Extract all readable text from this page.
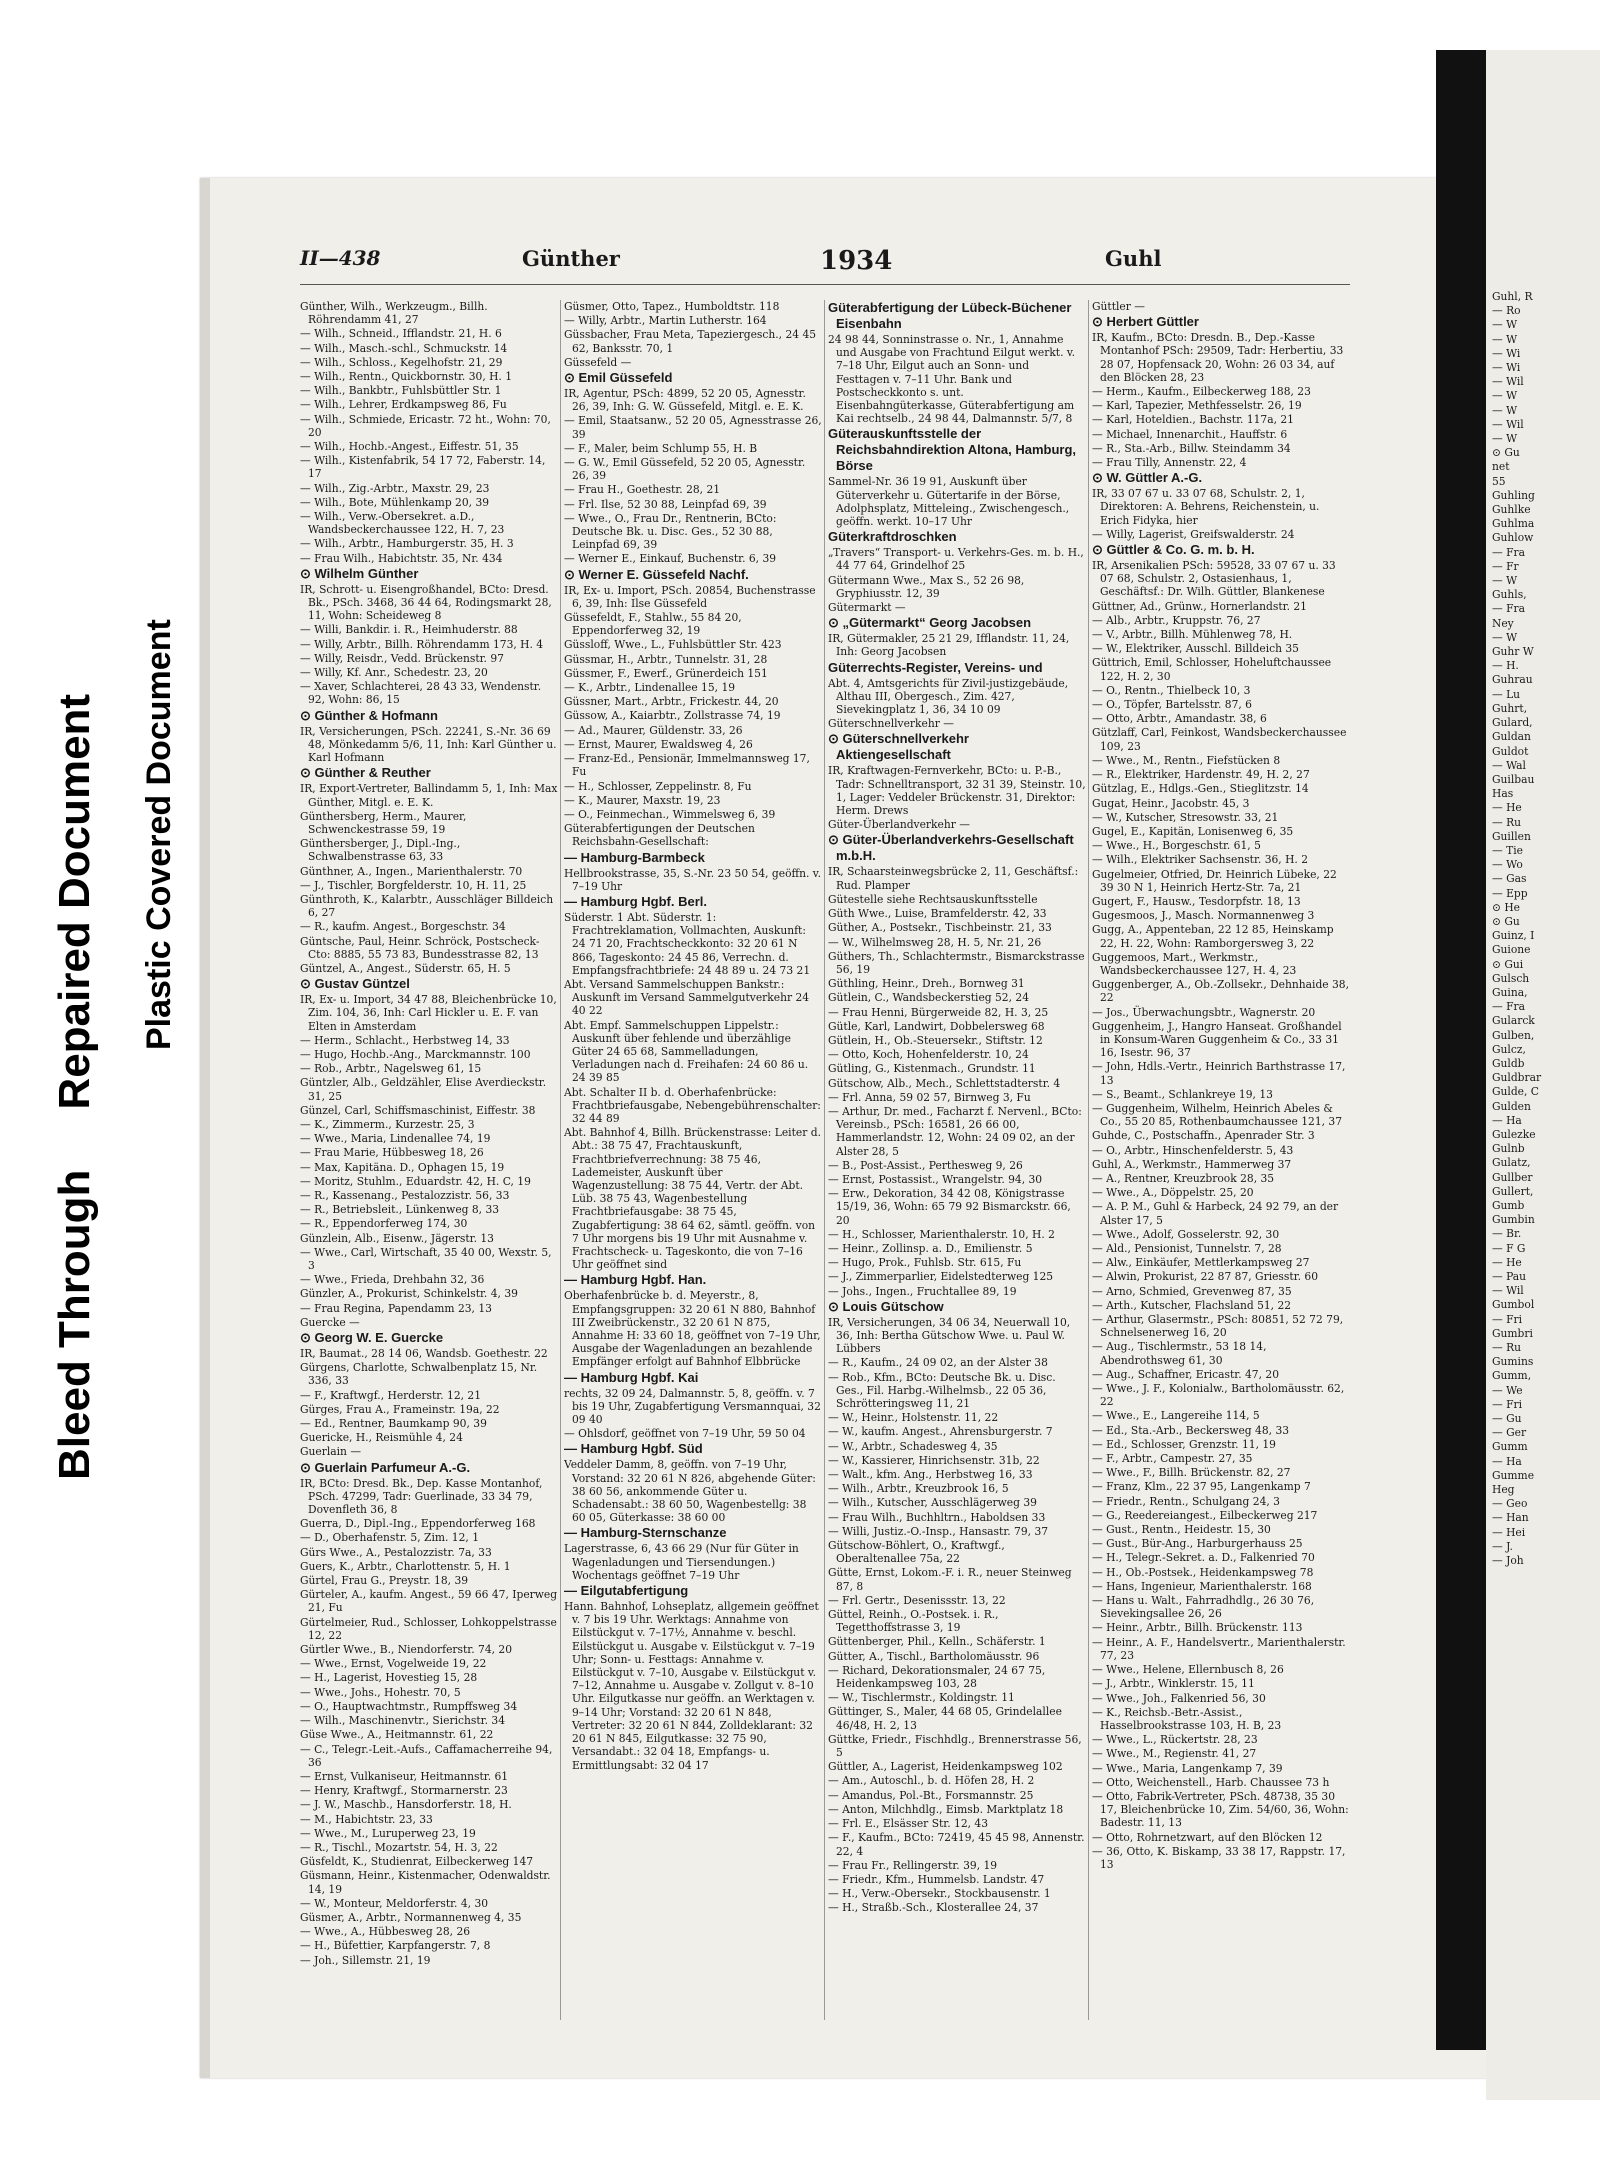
Bleed ThroughRepaired Document Plastic Covered Document
II—438	Günther	1934	Guhl
Günther, Wilh., Werkzeugm., Billh. Röhrendamm 41, 27
— Wilh., Schneid., Ifflandstr. 21, H. 6
— Wilh., Masch.-schl., Schmuckstr. 14
— Wilh., Schloss., Kegelhofstr. 21, 29
— Wilh., Rentn., Quickbornstr. 30, H. 1
— Wilh., Bankbtr., Fuhlsbüttler Str. 1
— Wilh., Lehrer, Erdkampsweg 86, Fu
— Wilh., Schmiede, Ericastr. 72 ht., Wohn: 70, 20
— Wilh., Hochb.-Angest., Eiffestr. 51, 35
— Wilh., Kistenfabrik, 54 17 72, Faberstr. 14, 17
— Wilh., Zig.-Arbtr., Maxstr. 29, 23
— Wilh., Bote, Mühlenkamp 20, 39
— Wilh., Verw.-Obersekret. a.D., Wandsbeckerchaussee 122, H. 7, 23
— Wilh., Arbtr., Hamburgerstr. 35, H. 3
— Frau Wilh., Habichtstr. 35, Nr. 434
⊙ Wilhelm Günther
IR, Schrott- u. Eisengroßhandel, BCto: Dresd. Bk., PSch. 3468, 36 44 64, Rodingsmarkt 28, 11, Wohn: Scheideweg 8
— Willi, Bankdir. i. R., Heimhuderstr. 88
— Willy, Arbtr., Billh. Röhrendamm 173, H. 4
— Willy, Reisdr., Vedd. Brückenstr. 97
— Willy, Kf. Anr., Schedestr. 23, 20
— Xaver, Schlachterei, 28 43 33, Wendenstr. 92, Wohn: 86, 15
⊙ Günther & Hofmann
IR, Versicherungen, PSch. 22241, S.-Nr. 36 69 48, Mönkedamm 5/6, 11, Inh: Karl Günther u. Karl Hofmann
⊙ Günther & Reuther
IR, Export-Vertreter, Ballindamm 5, 1, Inh: Max Günther, Mitgl. e. E. K.
Günthersberg, Herm., Maurer, Schwenckestrasse 59, 19
Günthersberger, J., Dipl.-Ing., Schwalbenstrasse 63, 33
Günthner, A., Ingen., Marienthalerstr. 70
— J., Tischler, Borgfelderstr. 10, H. 11, 25
Günthroth, K., Kalarbtr., Ausschläger Billdeich 6, 27
— R., kaufm. Angest., Borgeschstr. 34
Güntsche, Paul, Heinr. Schröck, Postscheck-Cto: 8885, 55 73 83, Bundesstrasse 82, 13
Güntzel, A., Angest., Süderstr. 65, H. 5
⊙ Gustav Güntzel
IR, Ex- u. Import, 34 47 88, Bleichenbrücke 10, Zim. 104, 36, Inh: Carl Hickler u. E. F. van Elten in Amsterdam
— Herm., Schlacht., Herbstweg 14, 33
— Hugo, Hochb.-Ang., Marckmannstr. 100
— Rob., Arbtr., Nagelsweg 61, 15
Güntzler, Alb., Geldzähler, Elise Averdieckstr. 31, 25
Günzel, Carl, Schiffsmaschinist, Eiffestr. 38
— K., Zimmerm., Kurzestr. 25, 3
— Wwe., Maria, Lindenallee 74, 19
— Frau Marie, Hübbesweg 18, 26
— Max, Kapitäna. D., Ophagen 15, 19
— Moritz, Stuhlm., Eduardstr. 42, H. C, 19
— R., Kassenang., Pestalozzistr. 56, 33
— R., Betriebsleit., Lünkenweg 8, 33
— R., Eppendorferweg 174, 30
Günzlein, Alb., Eisenw., Jägerstr. 13
— Wwe., Carl, Wirtschaft, 35 40 00, Wexstr. 5, 3
— Wwe., Frieda, Drehbahn 32, 36
Günzler, A., Prokurist, Schinkelstr. 4, 39
— Frau Regina, Papendamm 23, 13
Guercke —
⊙ Georg W. E. Guercke
IR, Baumat., 28 14 06, Wandsb. Goethestr. 22
Gürgens, Charlotte, Schwalbenplatz 15, Nr. 336, 33
— F., Kraftwgf., Herderstr. 12, 21
Gürges, Frau A., Frameinstr. 19a, 22
— Ed., Rentner, Baumkamp 90, 39
Guericke, H., Reismühle 4, 24
Guerlain —
⊙ Guerlain Parfumeur A.-G.
IR, BCto: Dresd. Bk., Dep. Kasse Montanhof, PSch. 47299, Tadr: Guerlinade, 33 34 79, Dovenfleth 36, 8
Guerra, D., Dipl.-Ing., Eppendorferweg 168
— D., Oberhafenstr. 5, Zim. 12, 1
Gürs Wwe., A., Pestalozzistr. 7a, 33
Guers, K., Arbtr., Charlottenstr. 5, H. 1
Gürtel, Frau G., Preystr. 18, 39
Gürteler, A., kaufm. Angest., 59 66 47, Iperweg 21, Fu
Gürtelmeier, Rud., Schlosser, Lohkoppelstrasse 12, 22
Gürtler Wwe., B., Niendorferstr. 74, 20
— Wwe., Ernst, Vogelweide 19, 22
— H., Lagerist, Hovestieg 15, 28
— Wwe., Johs., Hohestr. 70, 5
— O., Hauptwachtmstr., Rumpffsweg 34
— Wilh., Maschinenvtr., Sierichstr. 34
Güse Wwe., A., Heitmannstr. 61, 22
— C., Telegr.-Leit.-Aufs., Caffamacherreihe 94, 36
— Ernst, Vulkaniseur, Heitmannstr. 61
— Henry, Kraftwgf., Stormarnerstr. 23
— J. W., Maschb., Hansdorferstr. 18, H.
— M., Habichtstr. 23, 33
— Wwe., M., Luruperweg 23, 19
— R., Tischl., Mozartstr. 54, H. 3, 22
Güsfeldt, K., Studienrat, Eilbeckerweg 147
Güsmann, Heinr., Kistenmacher, Odenwaldstr. 14, 19
— W., Monteur, Meldorferstr. 4, 30
Güsmer, A., Arbtr., Normannenweg 4, 35
— Wwe., A., Hübbesweg 28, 26
— H., Büfettier, Karpfangerstr. 7, 8
— Joh., Sillemstr. 21, 19
Güsmer, Otto, Tapez., Humboldtstr. 118
— Willy, Arbtr., Martin Lutherstr. 164
Güssbacher, Frau Meta, Tapeziergesch., 24 45 62, Banksstr. 70, 1
Güssefeld —
⊙ Emil Güssefeld
IR, Agentur, PSch: 4899, 52 20 05, Agnesstr. 26, 39, Inh: G. W. Güssefeld, Mitgl. e. E. K.
— Emil, Staatsanw., 52 20 05, Agnesstrasse 26, 39
— F., Maler, beim Schlump 55, H. B
— G. W., Emil Güssefeld, 52 20 05, Agnesstr. 26, 39
— Frau H., Goethestr. 28, 21
— Frl. Ilse, 52 30 88, Leinpfad 69, 39
— Wwe., O., Frau Dr., Rentnerin, BCto: Deutsche Bk. u. Disc. Ges., 52 30 88, Leinpfad 69, 39
— Werner E., Einkauf, Buchenstr. 6, 39
⊙ Werner E. Güssefeld Nachf.
IR, Ex- u. Import, PSch. 20854, Buchenstrasse 6, 39, Inh: Ilse Güssefeld
Güssefeldt, F., Stahlw., 55 84 20, Eppendorferweg 32, 19
Güssloff, Wwe., L., Fuhlsbüttler Str. 423
Güssmar, H., Arbtr., Tunnelstr. 31, 28
Güssmer, F., Ewerf., Grünerdeich 151
— K., Arbtr., Lindenallee 15, 19
Güssner, Mart., Arbtr., Frickestr. 44, 20
Güssow, A., Kaiarbtr., Zollstrasse 74, 19
— Ad., Maurer, Güldenstr. 33, 26
— Ernst, Maurer, Ewaldsweg 4, 26
— Franz-Ed., Pensionär, Immelmannsweg 17, Fu
— H., Schlosser, Zeppelinstr. 8, Fu
— K., Maurer, Maxstr. 19, 23
— O., Feinmechan., Wimmelsweg 6, 39
Güterabfertigungen der Deutschen Reichsbahn-Gesellschaft:
— Hamburg-Barmbeck
Hellbrookstrasse, 35, S.-Nr. 23 50 54, geöffn. v. 7–19 Uhr
— Hamburg Hgbf. Berl.
Süderstr. 1 Abt. Süderstr. 1: Frachtreklamation, Vollmachten, Auskunft: 24 71 20, Frachtscheckkonto: 32 20 61 N 866, Tageskonto: 24 45 86, Verrechn. d. Empfangsfrachtbriefe: 24 48 89 u. 24 73 21
Abt. Versand Sammelschuppen Bankstr.: Auskunft im Versand Sammelgutverkehr 24 40 22
Abt. Empf. Sammelschuppen Lippelstr.: Auskunft über fehlende und überzählige Güter 24 65 68, Sammelladungen, Verladungen nach d. Freihafen: 24 60 86 u. 24 39 85
Abt. Schalter II b. d. Oberhafenbrücke: Frachtbriefausgabe, Nebengebührenschalter: 32 44 89
Abt. Bahnhof 4, Billh. Brückenstrasse: Leiter d. Abt.: 38 75 47, Frachtauskunft, Frachtbriefverrechnung: 38 75 46, Lademeister, Auskunft über Wagenzustellung: 38 75 44, Vertr. der Abt. Lüb. 38 75 43, Wagenbestellung Frachtbriefausgabe: 38 75 45, Zugabfertigung: 38 64 62, sämtl. geöffn. von 7 Uhr morgens bis 19 Uhr mit Ausnahme v. Frachtscheck- u. Tageskonto, die von 7–16 Uhr geöffnet sind
— Hamburg Hgbf. Han.
Oberhafenbrücke b. d. Meyerstr., 8, Empfangsgruppen: 32 20 61 N 880, Bahnhof III Zweibrückenstr., 32 20 61 N 875, Annahme H: 33 60 18, geöffnet von 7–19 Uhr, Ausgabe der Wagenladungen an bezahlende Empfänger erfolgt auf Bahnhof Elbbrücke
— Hamburg Hgbf. Kai
rechts, 32 09 24, Dalmannstr. 5, 8, geöffn. v. 7 bis 19 Uhr, Zugabfertigung Versmannquai, 32 09 40
— Ohlsdorf, geöffnet von 7–19 Uhr, 59 50 04
— Hamburg Hgbf. Süd
Veddeler Damm, 8, geöffn. von 7–19 Uhr, Vorstand: 32 20 61 N 826, abgehende Güter: 38 60 56, ankommende Güter u. Schadensabt.: 38 60 50, Wagenbestellg: 38 60 05, Güterkasse: 38 60 00
— Hamburg-Sternschanze
Lagerstrasse, 6, 43 66 29 (Nur für Güter in Wagenladungen und Tiersendungen.) Wochentags geöffnet 7–19 Uhr
— Eilgutabfertigung
Hann. Bahnhof, Lohseplatz, allgemein geöffnet v. 7 bis 19 Uhr. Werktags: Annahme von Eilstückgut v. 7–17½, Annahme v. beschl. Eilstückgut u. Ausgabe v. Eilstückgut v. 7–19 Uhr; Sonn- u. Festtags: Annahme v. Eilstückgut v. 7–10, Ausgabe v. Eilstückgut v. 7–12, Annahme u. Ausgabe v. Zollgut v. 8–10 Uhr. Eilgutkasse nur geöffn. an Werktagen v. 9–14 Uhr; Vorstand: 32 20 61 N 848, Vertreter: 32 20 61 N 844, Zolldeklarant: 32 20 61 N 845, Eilgutkasse: 32 75 90, Versandabt.: 32 04 18, Empfangs- u. Ermittlungsabt: 32 04 17
Güterabfertigung der Lübeck-Büchener Eisenbahn
24 98 44, Sonninstrasse o. Nr., 1, Annahme und Ausgabe von Frachtund Eilgut werkt. v. 7–18 Uhr, Eilgut auch an Sonn- und Festtagen v. 7–11 Uhr. Bank und Postscheckkonto s. unt. Eisenbahngüterkasse, Güterabfertigung am Kai rechtselb., 24 98 44, Dalmannstr. 5/7, 8
Güterauskunftsstelle der Reichsbahndirektion Altona, Hamburg, Börse
Sammel-Nr. 36 19 91, Auskunft über Güterverkehr u. Gütertarife in der Börse, Adolphsplatz, Mitteleing., Zwischengesch., geöffn. werkt. 10–17 Uhr
Güterkraftdroschken
„Travers“ Transport- u. Verkehrs-Ges. m. b. H., 44 77 64, Grindelhof 25
Gütermann Wwe., Max S., 52 26 98, Gryphiusstr. 12, 39
Gütermarkt —
⊙ „Gütermarkt“ Georg Jacobsen
IR, Gütermakler, 25 21 29, Ifflandstr. 11, 24, Inh: Georg Jacobsen
Güterrechts-Register, Vereins- und
Abt. 4, Amtsgerichts für Zivil-justizgebäude, Althau III, Obergesch., Zim. 427, Sievekingplatz 1, 36, 34 10 09
Güterschnellverkehr —
⊙ Güterschnellverkehr Aktiengesellschaft
IR, Kraftwagen-Fernverkehr, BCto: u. P.-B., Tadr: Schnelltransport, 32 31 39, Steinstr. 10, 1, Lager: Veddeler Brückenstr. 31, Direktor: Herm. Drews
Güter-Überlandverkehr —
⊙ Güter-Überlandverkehrs-Gesellschaft m.b.H.
IR, Schaarsteinwegsbrücke 2, 11, Geschäftsf.: Rud. Plamper
Gütestelle siehe Rechtsauskunftsstelle
Güth Wwe., Luise, Bramfelderstr. 42, 33
Güther, A., Postsekr., Tischbeinstr. 21, 33
— W., Wilhelmsweg 28, H. 5, Nr. 21, 26
Güthers, Th., Schlachtermstr., Bismarckstrasse 56, 19
Güthling, Heinr., Dreh., Bornweg 31
Gütlein, C., Wandsbeckerstieg 52, 24
— Frau Henni, Bürgerweide 82, H. 3, 25
Gütle, Karl, Landwirt, Dobbelersweg 68
Gütlein, H., Ob.-Steuersekr., Stiftstr. 12
— Otto, Koch, Hohenfelderstr. 10, 24
Gütling, G., Kistenmach., Grundstr. 11
Gütschow, Alb., Mech., Schlettstadterstr. 4
— Frl. Anna, 59 02 57, Birnweg 3, Fu
— Arthur, Dr. med., Facharzt f. Nervenl., BCto: Vereinsb., PSch: 16581, 26 66 00, Hammerlandstr. 12, Wohn: 24 09 02, an der Alster 28, 5
— B., Post-Assist., Perthesweg 9, 26
— Ernst, Postassist., Wrangelstr. 94, 30
— Erw., Dekoration, 34 42 08, Königstrasse 15/19, 36, Wohn: 65 79 92 Bismarckstr. 66, 20
— H., Schlosser, Marienthalerstr. 10, H. 2
— Heinr., Zollinsp. a. D., Emilienstr. 5
— Hugo, Prok., Fuhlsb. Str. 615, Fu
— J., Zimmerparlier, Eidelstedterweg 125
— Johs., Ingen., Fruchtallee 89, 19
⊙ Louis Gütschow
IR, Versicherungen, 34 06 34, Neuerwall 10, 36, Inh: Bertha Gütschow Wwe. u. Paul W. Lübbers
— R., Kaufm., 24 09 02, an der Alster 38
— Rob., Kfm., BCto: Deutsche Bk. u. Disc. Ges., Fil. Harbg.-Wilhelmsb., 22 05 36, Schrötteringsweg 11, 21
— W., Heinr., Holstenstr. 11, 22
— W., kaufm. Angest., Ahrensburgerstr. 7
— W., Arbtr., Schadesweg 4, 35
— W., Kassierer, Hinrichsenstr. 31b, 22
— Walt., kfm. Ang., Herbstweg 16, 33
— Wilh., Arbtr., Kreuzbrook 16, 5
— Wilh., Kutscher, Ausschlägerweg 39
— Frau Wilh., Buchhltrn., Haboldsen 33
— Willi, Justiz.-O.-Insp., Hansastr. 79, 37
Gütschow-Böhlert, O., Kraftwgf., Oberaltenallee 75a, 22
Gütte, Ernst, Lokom.-F. i. R., neuer Steinweg 87, 8
— Frl. Gertr., Desenissstr. 13, 22
Güttel, Reinh., O.-Postsek. i. R., Tegetthoffstrasse 3, 19
Güttenberger, Phil., Kelln., Schäferstr. 1
Gütter, A., Tischl., Bartholomäusstr. 96
— Richard, Dekorationsmaler, 24 67 75, Heidenkampsweg 103, 28
— W., Tischlermstr., Koldingstr. 11
Güttinger, S., Maler, 44 68 05, Grindelallee 46/48, H. 2, 13
Güttke, Friedr., Fischhdlg., Brennerstrasse 56, 5
Güttler, A., Lagerist, Heidenkampsweg 102
— Am., Autoschl., b. d. Höfen 28, H. 2
— Amandus, Pol.-Bt., Forsmannstr. 25
— Anton, Milchhdlg., Eimsb. Marktplatz 18
— Frl. E., Elsässer Str. 12, 43
— F., Kaufm., BCto: 72419, 45 45 98, Annenstr. 22, 4
— Frau Fr., Rellingerstr. 39, 19
— Friedr., Kfm., Hummelsb. Landstr. 47
— H., Verw.-Obersekr., Stockbausenstr. 1
— H., Straßb.-Sch., Klosterallee 24, 37
Güttler —
⊙ Herbert Güttler
IR, Kaufm., BCto: Dresdn. B., Dep.-Kasse Montanhof PSch: 29509, Tadr: Herbertiu, 33 28 07, Hopfensack 20, Wohn: 26 03 34, auf den Blöcken 28, 23
— Herm., Kaufm., Eilbeckerweg 188, 23
— Karl, Tapezier, Methfesselstr. 26, 19
— Karl, Hoteldien., Bachstr. 117a, 21
— Michael, Innenarchit., Hauffstr. 6
— R., Sta.-Arb., Billw. Steindamm 34
— Frau Tilly, Annenstr. 22, 4
⊙ W. Güttler A.-G.
IR, 33 07 67 u. 33 07 68, Schulstr. 2, 1, Direktoren: A. Behrens, Reichenstein, u. Erich Fidyka, hier
— Willy, Lagerist, Greifswalderstr. 24
⊙ Güttler & Co. G. m. b. H.
IR, Arsenikalien PSch: 59528, 33 07 67 u. 33 07 68, Schulstr. 2, Ostasienhaus, 1, Geschäftsf.: Dr. Wilh. Güttler, Blankenese
Güttner, Ad., Grünw., Hornerlandstr. 21
— Alb., Arbtr., Kruppstr. 76, 27
— V., Arbtr., Billh. Mühlenweg 78, H.
— W., Elektriker, Ausschl. Billdeich 35
Güttrich, Emil, Schlosser, Hoheluftchaussee 122, H. 2, 30
— O., Rentn., Thielbeck 10, 3
— O., Töpfer, Bartelsstr. 87, 6
— Otto, Arbtr., Amandastr. 38, 6
Gützlaff, Carl, Feinkost, Wandsbeckerchaussee 109, 23
— Wwe., M., Rentn., Fiefstücken 8
— R., Elektriker, Hardenstr. 49, H. 2, 27
Gützlag, E., Hdlgs.-Gen., Stieglitzstr. 14
Gugat, Heinr., Jacobstr. 45, 3
— W., Kutscher, Stresowstr. 33, 21
Gugel, E., Kapitän, Lonisenweg 6, 35
— Wwe., H., Borgeschstr. 61, 5
— Wilh., Elektriker Sachsenstr. 36, H. 2
Gugelmeier, Otfried, Dr. Heinrich Lübeke, 22 39 30 N 1, Heinrich Hertz-Str. 7a, 21
Gugert, F., Hausw., Tesdorpfstr. 18, 13
Gugesmoos, J., Masch. Normannenweg 3
Gugg, A., Appenteban, 22 12 85, Heinskamp 22, H. 22, Wohn: Ramborgersweg 3, 22
Guggemoos, Mart., Werkmstr., Wandsbeckerchaussee 127, H. 4, 23
Guggenberger, A., Ob.-Zollsekr., Dehnhaide 38, 22
— Jos., Überwachungsbtr., Wagnerstr. 20
Guggenheim, J., Hangro Hanseat. Großhandel in Konsum-Waren Guggenheim & Co., 33 31 16, Isestr. 96, 37
— John, Hdls.-Vertr., Heinrich Barthstrasse 17, 13
— S., Beamt., Schlankreye 19, 13
— Guggenheim, Wilhelm, Heinrich Abeles & Co., 55 20 85, Rothenbaumchaussee 121, 37
Guhde, C., Postschaffn., Apenrader Str. 3
— O., Arbtr., Hinschenfelderstr. 5, 43
Guhl, A., Werkmstr., Hammerweg 37
— A., Rentner, Kreuzbrook 28, 35
— Wwe., A., Döppelstr. 25, 20
— A. P. M., Guhl & Harbeck, 24 92 79, an der Alster 17, 5
— Wwe., Adolf, Gosselerstr. 92, 30
— Ald., Pensionist, Tunnelstr. 7, 28
— Alw., Einkäufer, Mettlerkampsweg 27
— Alwin, Prokurist, 22 87 87, Griesstr. 60
— Arno, Schmied, Grevenweg 87, 35
— Arth., Kutscher, Flachsland 51, 22
— Arthur, Glasermstr., PSch: 80851, 52 72 79, Schnelsenerweg 16, 20
— Aug., Tischlermstr., 53 18 14, Abendrothsweg 61, 30
— Aug., Schaffner, Ericastr. 47, 20
— Wwe., J. F., Kolonialw., Bartholomäusstr. 62, 22
— Wwe., E., Langereihe 114, 5
— Ed., Sta.-Arb., Beckersweg 48, 33
— Ed., Schlosser, Grenzstr. 11, 19
— F., Arbtr., Campestr. 27, 35
— Wwe., F., Billh. Brückenstr. 82, 27
— Franz, Klm., 22 37 95, Langenkamp 7
— Friedr., Rentn., Schulgang 24, 3
— G., Reedereiangest., Eilbeckerweg 217
— Gust., Rentn., Heidestr. 15, 30
— Gust., Bür-Ang., Harburgerhauss 25
— H., Telegr.-Sekret. a. D., Falkenried 70
— H., Ob.-Postsek., Heidenkampsweg 78
— Hans, Ingenieur, Marienthalerstr. 168
— Hans u. Walt., Fahrradhdlg., 26 30 76, Sievekingsallee 26, 26
— Heinr., Arbtr., Billh. Brückenstr. 113
— Heinr., A. F., Handelsvertr., Marienthalerstr. 77, 23
— Wwe., Helene, Ellernbusch 8, 26
— J., Arbtr., Winklerstr. 15, 11
— Wwe., Joh., Falkenried 56, 30
— K., Reichsb.-Betr.-Assist., Hasselbrookstrasse 103, H. B, 23
— Wwe., L., Rückertstr. 28, 23
— Wwe., M., Regienstr. 41, 27
— Wwe., Maria, Langenkamp 7, 39
— Otto, Weichenstell., Harb. Chaussee 73 h
— Otto, Fabrik-Vertreter, PSch. 48738, 35 30 17, Bleichenbrücke 10, Zim. 54/60, 36, Wohn: Badestr. 11, 13
— Otto, Rohrnetzwart, auf den Blöcken 12
— 36, Otto, K. Biskamp, 33 38 17, Rappstr. 17, 13
Guhl, R
— Ro
— W
— W
— Wi
— Wi
— Wil
— W
— W
— Wil
— W
⊙ Gu
net
55
Guhling
Guhlke
Guhlma
Guhlow
— Fra
— Fr
— W
Guhls,
— Fra
Ney
— W
Guhr W
— H.
Guhrau
— Lu
Guhrt,
Gulard,
Guldan
Guldot
— Wal
Guilbau
Has
— He
— Ru
Guillen
— Tie
— Wo
— Gas
— Epp
⊙ He
⊙ Gu
Guinz, I
Guione
⊙ Gui
Gulsch
Guina,
— Fra
Gularck
Gulben,
Gulcz,
Guldb
Guldbrar
Gulde, C
Gulden
— Ha
Gulezke
Gulnb
Gulatz,
Gullber
Gullert,
Gumb
Gumbin
— Br.
— F G
— He
— Pau
— Wil
Gumbol
— Fri
Gumbri
— Ru
Gumins
Gumm,
— We
— Fri
— Gu
— Ger
Gumm
— Ha
Gumme
Heg
— Geo
— Han
— Hei
— J.
— Joh
